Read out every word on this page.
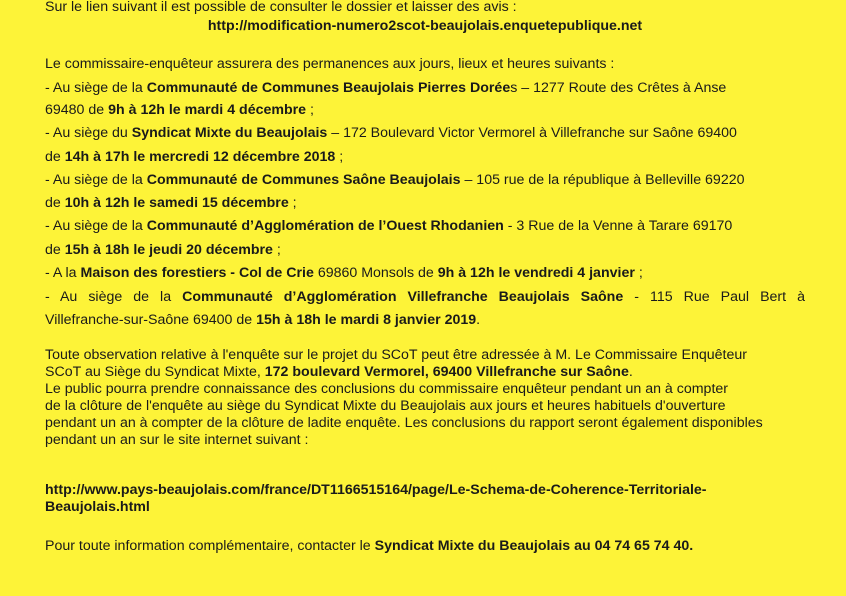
Sur le lien suivant il est possible de consulter le dossier et laisser des avis :
http://modification-numero2scot-beaujolais.enquetepublique.net
Le commissaire-enquêteur assurera des permanences aux jours, lieux et heures suivants :
- Au siège de la Communauté de Communes Beaujolais Pierres Dorées – 1277 Route des Crêtes à Anse
69480 de 9h à 12h le mardi 4 décembre ;
- Au siège du Syndicat Mixte du Beaujolais – 172 Boulevard Victor Vermorel à Villefranche sur Saône 69400
de 14h à 17h le mercredi 12 décembre 2018 ;
- Au siège de la Communauté de Communes Saône Beaujolais – 105 rue de la république à Belleville 69220
de 10h à 12h le samedi 15 décembre ;
- Au siège de la Communauté d’Agglomération de l’Ouest Rhodanien - 3 Rue de la Venne à Tarare 69170
de 15h à 18h le jeudi 20 décembre ;
- A la Maison des forestiers - Col de Crie 69860 Monsols de 9h à 12h le vendredi 4 janvier ;
- Au siège de la Communauté d’Agglomération Villefranche Beaujolais Saône - 115 Rue Paul Bert à
Villefranche-sur-Saône 69400 de 15h à 18h le mardi 8 janvier 2019.
Toute observation relative à l'enquête sur le projet du SCoT peut être adressée à M. Le Commissaire Enquêteur
SCoT au Siège du Syndicat Mixte, 172 boulevard Vermorel, 69400 Villefranche sur Saône.
Le public pourra prendre connaissance des conclusions du commissaire enquêteur pendant un an à compter
de la clôture de l'enquête au siège du Syndicat Mixte du Beaujolais aux jours et heures habituels d'ouverture
pendant un an à compter de la clôture de ladite enquête. Les conclusions du rapport seront également disponibles
pendant un an sur le site internet suivant :
http://www.pays-beaujolais.com/france/DT1166515164/page/Le-Schema-de-Coherence-Territoriale-
Beaujolais.html
Pour toute information complémentaire, contacter le Syndicat Mixte du Beaujolais au 04 74 65 74 40.
